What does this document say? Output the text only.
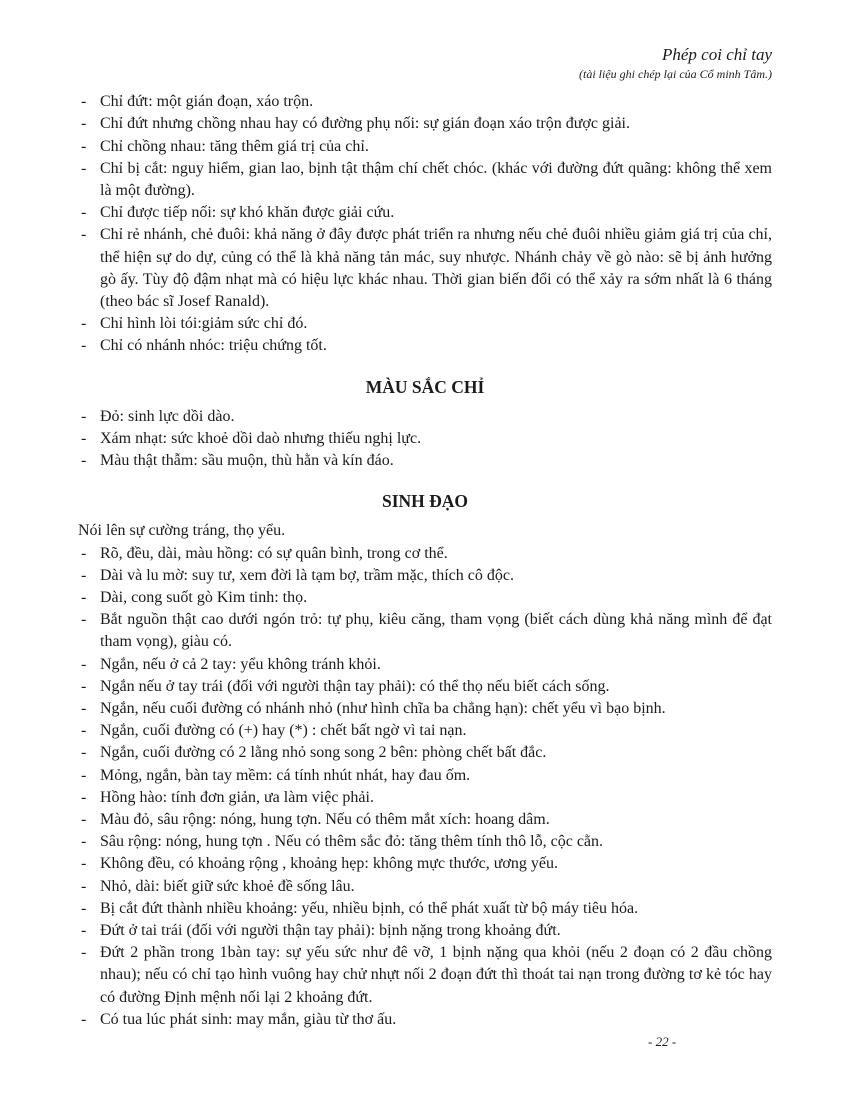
Phép coi chỉ tay
(tài liệu ghi chép lại của Cổ minh Tâm.)
- Chỉ đứt: một gián đoạn, xáo trộn.
- Chỉ đứt nhưng chồng nhau hay có đường phụ nối: sự gián đoạn xáo trộn được giải.
- Chỉ chồng nhau: tăng thêm giá trị của chỉ.
- Chỉ bị cắt: nguy hiểm, gian lao, bịnh tật thậm chí chết chóc. (khác với đường đứt quãng: không thể xem là một đường).
- Chỉ được tiếp nối: sự khó khăn được giải cứu.
- Chỉ rẻ nhánh, chẻ đuôi: khả năng ở đây được phát triển ra nhưng nếu chẻ đuôi nhiều giảm giá trị của chỉ, thể hiện sự do dự, củng có thể là khả năng tản mác, suy nhược. Nhánh chảy về gò nào: sẽ bị ảnh hưởng gò ấy. Tùy độ đậm nhạt mà có hiệu lực khác nhau. Thời gian biến đổi có thể xảy ra sớm nhất là 6 tháng (theo bác sĩ Josef Ranald).
- Chỉ hình lòi tói:giảm sức chỉ đó.
- Chỉ có nhánh nhóc: triệu chứng tốt.
MÀU SẮC CHỈ
- Đỏ: sinh lực dồi dào.
- Xám nhạt: sức khoẻ dồi daò nhưng thiếu nghị lực.
- Màu thật thẫm: sầu muộn, thù hằn và kín đáo.
SINH ĐẠO

Nói lên sự cường tráng, thọ yểu.

- Rõ, đều, dài, màu hồng: có sự quân bình, trong cơ thể.
- Dài và lu mờ: suy tư, xem đời là tạm bợ, trầm mặc, thích cô độc.
- Dài, cong suốt gò Kim tinh: thọ.
- Bắt nguồn thật cao dưới ngón trỏ: tự phụ, kiêu căng, tham vọng (biết cách dùng khả năng mình để đạt tham vọng), giàu có.
- Ngắn, nếu ở cả 2 tay: yểu không tránh khỏi.
- Ngắn nếu ở tay trái (đối với người thận tay phải): có thể thọ nếu biết cách sống.
- Ngắn, nếu cuối đường có nhánh nhỏ (như hình chĩa ba chẳng hạn): chết yểu vì bạo bịnh.
- Ngắn, cuối đường có (+) hay (*) : chết bất ngờ vì tai nạn.
- Ngắn, cuối đường có 2 lằng nhỏ song song 2 bên: phòng chết bất đắc.
- Mỏng, ngắn, bàn tay mềm: cá tính nhút nhát, hay đau ốm.
- Hồng hào: tính đơn giản, ưa làm việc phải.
- Màu đỏ, sâu rộng: nóng, hung tợn. Nếu có thêm mắt xích: hoang dâm.
- Sâu rộng: nóng, hung tợn . Nếu có thêm sắc đỏ: tăng thêm tính thô lỗ, cộc cằn.
- Không đều, có khoảng rộng , khoảng hẹp: không mực thước, ương yếu.
- Nhỏ, dài: biết giữ sức khoẻ đề sống lâu.
- Bị cắt đứt thành nhiều khoảng: yếu, nhiều bịnh, có thể phát xuất từ bộ máy tiêu hóa.
- Đứt ở tai trái (đối với người thận tay phải): bịnh nặng trong khoảng đứt.
- Đứt 2 phần trong 1bàn tay: sự yếu sức như đê vỡ, 1 bịnh nặng qua khỏi (nếu 2 đoạn có 2 đầu chồng nhau); nếu có chỉ tạo hình vuông hay chử nhựt nối 2 đoạn đứt thì thoát tai nạn trong đường tơ kẻ tóc hay có đường Định mệnh nối lại 2 khoảng đứt.
- Có tua lúc phát sinh: may mắn, giàu từ thơ ấu.
- 22 -
